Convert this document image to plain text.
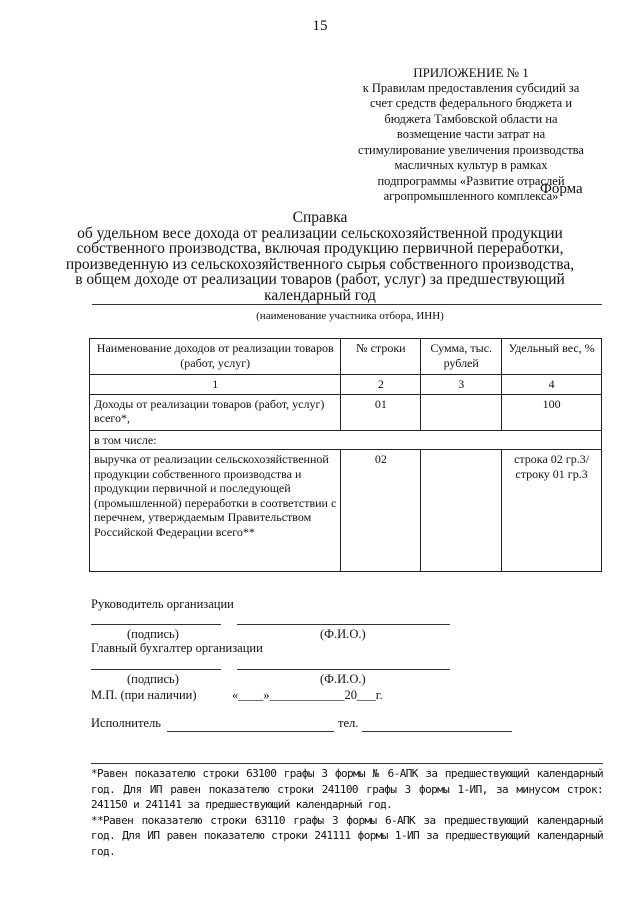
15
ПРИЛОЖЕНИЕ № 1
к Правилам предоставления субсидий за
счет средств федерального бюджета и
бюджета Тамбовской области на
возмещение части затрат на
стимулирование увеличения производства
масличных культур в рамках
подпрограммы «Развитие отраслей
агропромышленного комплекса»
Форма
Справка
об удельном весе дохода от реализации сельскохозяйственной продукции
собственного производства, включая продукцию первичной переработки,
произведенную из сельскохозяйственного сырья собственного производства,
в общем доходе от реализации товаров (работ, услуг) за предшествующий
календарный год
(наименование участника отбора, ИНН)
Наименование доходов от реализации товаров (работ, услуг)	№ строки	Сумма, тыс. рублей	Удельный вес, %
1	2	3	4
Доходы от реализации товаров (работ, услуг) всего*,	01		100
в том числе:			
выручка от реализации сельскохозяйственной продукции собственного производства и продукции первичной и последующей (промышленной) переработки в соответствии с перечнем, утверждаемым Правительством Российской Федерации всего**	02		строка 02 гр.3/ строку 01 гр.3
Руководитель организации
(подпись)	(Ф.И.О.)
Главный бухгалтер организации
(подпись)	(Ф.И.О.)
М.П. (при наличии)	«____»____________20___г.
Исполнитель	тел.

*Равен показателю строки 63100 графы 3 формы № 6-АПК за предшествующий календарный год. Для ИП равен показателю строки 241100 графы 3 формы 1-ИП, за минусом строк: 241150 и 241141 за предшествующий календарный год.

**Равен показателю строки 63110 графы 3 формы 6-АПК за предшествующий календарный год. Для ИП равен показателю строки 241111 формы 1-ИП за предшествующий календарный год.
